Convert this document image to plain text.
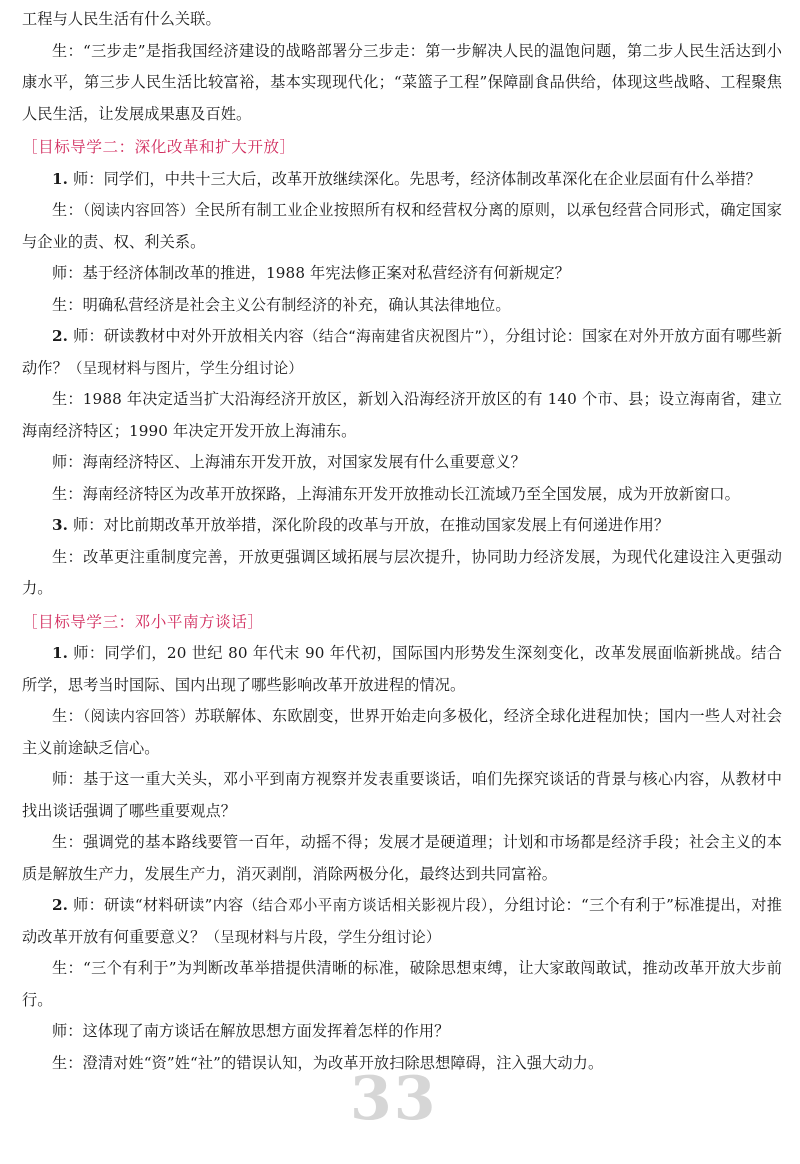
33

工程与人民生活有什么关联。

生：“三步走”是指我国经济建设的战略部署分三步走：第一步解决人民的温饱问题，第二步人民生活达到小康水平，第三步人民生活比较富裕，基本实现现代化；“菜篮子工程”保障副食品供给，体现这些战略、工程聚焦人民生活，让发展成果惠及百姓。

［目标导学二：深化改革和扩大开放］

1. 师：同学们，中共十三大后，改革开放继续深化。先思考，经济体制改革深化在企业层面有什么举措？

生：（阅读内容回答）全民所有制工业企业按照所有权和经营权分离的原则，以承包经营合同形式，确定国家与企业的责、权、利关系。

师：基于经济体制改革的推进，1988 年宪法修正案对私营经济有何新规定？

生：明确私营经济是社会主义公有制经济的补充，确认其法律地位。

2. 师：研读教材中对外开放相关内容（结合“海南建省庆祝图片”），分组讨论：国家在对外开放方面有哪些新动作？（呈现材料与图片，学生分组讨论）

生：1988 年决定适当扩大沿海经济开放区，新划入沿海经济开放区的有 140 个市、县；设立海南省，建立海南经济特区；1990 年决定开发开放上海浦东。

师：海南经济特区、上海浦东开发开放，对国家发展有什么重要意义？

生：海南经济特区为改革开放探路，上海浦东开发开放推动长江流域乃至全国发展，成为开放新窗口。

3. 师：对比前期改革开放举措，深化阶段的改革与开放，在推动国家发展上有何递进作用？

生：改革更注重制度完善，开放更强调区域拓展与层次提升，协同助力经济发展，为现代化建设注入更强动力。

［目标导学三：邓小平南方谈话］

1. 师：同学们，20 世纪 80 年代末 90 年代初，国际国内形势发生深刻变化，改革发展面临新挑战。结合所学，思考当时国际、国内出现了哪些影响改革开放进程的情况。

生：（阅读内容回答）苏联解体、东欧剧变，世界开始走向多极化，经济全球化进程加快；国内一些人对社会主义前途缺乏信心。

师：基于这一重大关头，邓小平到南方视察并发表重要谈话，咱们先探究谈话的背景与核心内容，从教材中找出谈话强调了哪些重要观点？

生：强调党的基本路线要管一百年，动摇不得；发展才是硬道理；计划和市场都是经济手段；社会主义的本质是解放生产力，发展生产力，消灭剥削，消除两极分化，最终达到共同富裕。

2. 师：研读“材料研读”内容（结合邓小平南方谈话相关影视片段），分组讨论：“三个有利于”标准提出，对推动改革开放有何重要意义？（呈现材料与片段，学生分组讨论）

生：“三个有利于”为判断改革举措提供清晰的标准，破除思想束缚，让大家敢闯敢试，推动改革开放大步前行。

师：这体现了南方谈话在解放思想方面发挥着怎样的作用？

生：澄清对姓“资”姓“社”的错误认知，为改革开放扫除思想障碍，注入强大动力。
